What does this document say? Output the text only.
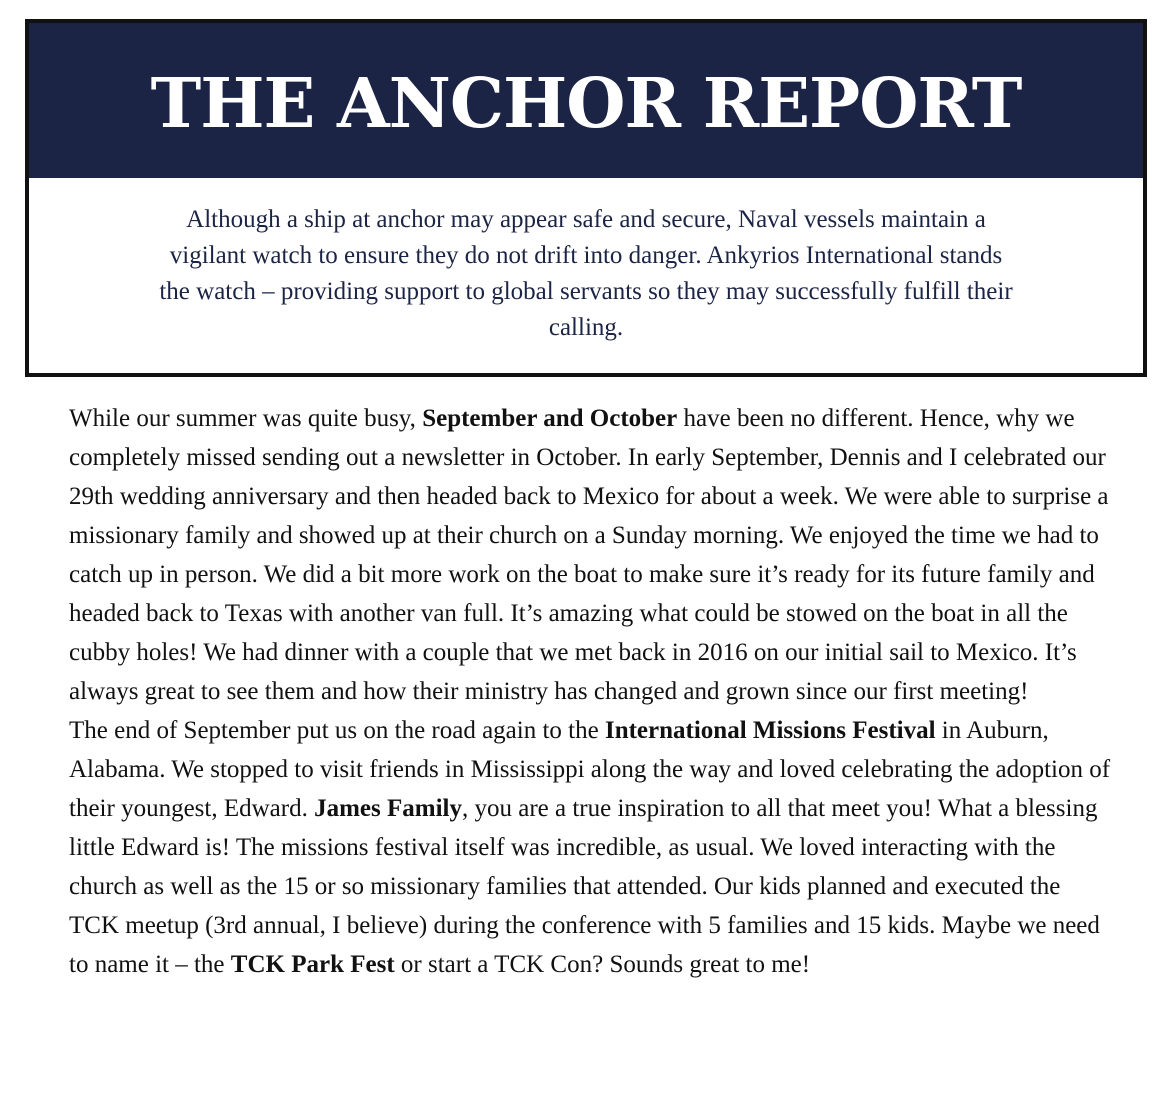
THE ANCHOR REPORT
Although a ship at anchor may appear safe and secure, Naval vessels maintain a vigilant watch to ensure they do not drift into danger. Ankyrios International stands the watch – providing support to global servants so they may successfully fulfill their calling.

While our summer was quite busy, September and October have been no different. Hence, why we completely missed sending out a newsletter in October. In early September, Dennis and I celebrated our 29th wedding anniversary and then headed back to Mexico for about a week. We were able to surprise a missionary family and showed up at their church on a Sunday morning. We enjoyed the time we had to catch up in person. We did a bit more work on the boat to make sure it’s ready for its future family and headed back to Texas with another van full. It’s amazing what could be stowed on the boat in all the cubby holes! We had dinner with a couple that we met back in 2016 on our initial sail to Mexico. It’s always great to see them and how their ministry has changed and grown since our first meeting!

The end of September put us on the road again to the International Missions Festival in Auburn, Alabama. We stopped to visit friends in Mississippi along the way and loved celebrating the adoption of their youngest, Edward. James Family, you are a true inspiration to all that meet you! What a blessing little Edward is! The missions festival itself was incredible, as usual. We loved interacting with the church as well as the 15 or so missionary families that attended. Our kids planned and executed the TCK meetup (3rd annual, I believe) during the conference with 5 families and 15 kids. Maybe we need to name it – the TCK Park Fest or start a TCK Con? Sounds great to me!
